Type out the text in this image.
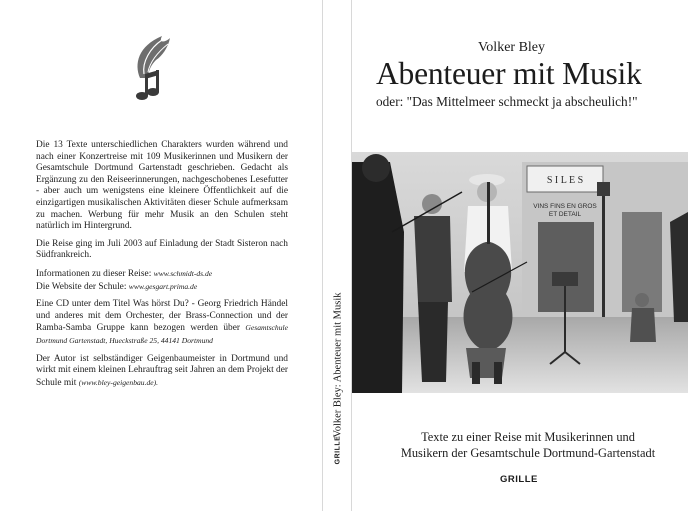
Die 13 Texte unterschiedlichen Charakters wurden während und nach einer Konzertreise mit 109 Musikerinnen und Musikern der Gesamtschule Dortmund Gartenstadt geschrieben. Gedacht als Ergänzung zu den Reiseerinnerungen, nachgeschobenes Lesefutter - aber auch um wenigstens eine kleinere Öffentlichkeit auf die einzigartigen musikalischen Aktivitäten dieser Schule aufmerksam zu machen. Werbung für mehr Musik an den Schulen steht natürlich im Hintergrund.

Die Reise ging im Juli 2003 auf Einladung der Stadt Sisteron nach Südfrankreich.

Informationen zu dieser Reise: www.schmidt-ds.de
Die Website der Schule: www.gesgart.prima.de

Eine CD unter dem Titel Was hörst Du? - Georg Friedrich Händel und anderes mit dem Orchester, der Brass-Connection und der Ramba-Samba Gruppe kann bezogen werden über Gesamtschule Dortmund Gartenstadt, Hueckstraße 25, 44141 Dortmund

Der Autor ist selbständiger Geigenbaumeister in Dortmund und wirkt mit einem kleinen Lehrauftrag seit Jahren an dem Projekt der Schule mit (www.bley-geigenbau.de).	Volker Bley: Abenteuer mit Musik
GRILLE
Volker Bley
Abenteuer mit Musik
oder: "Das Mittelmeer schmeckt ja abscheulich!"
S I L E S
VINS FINS EN GROS
ET DETAIL
Texte zu einer Reise mit Musikerinnen und
Musikern der Gesamtschule Dortmund-Gartenstadt
GRILLE
